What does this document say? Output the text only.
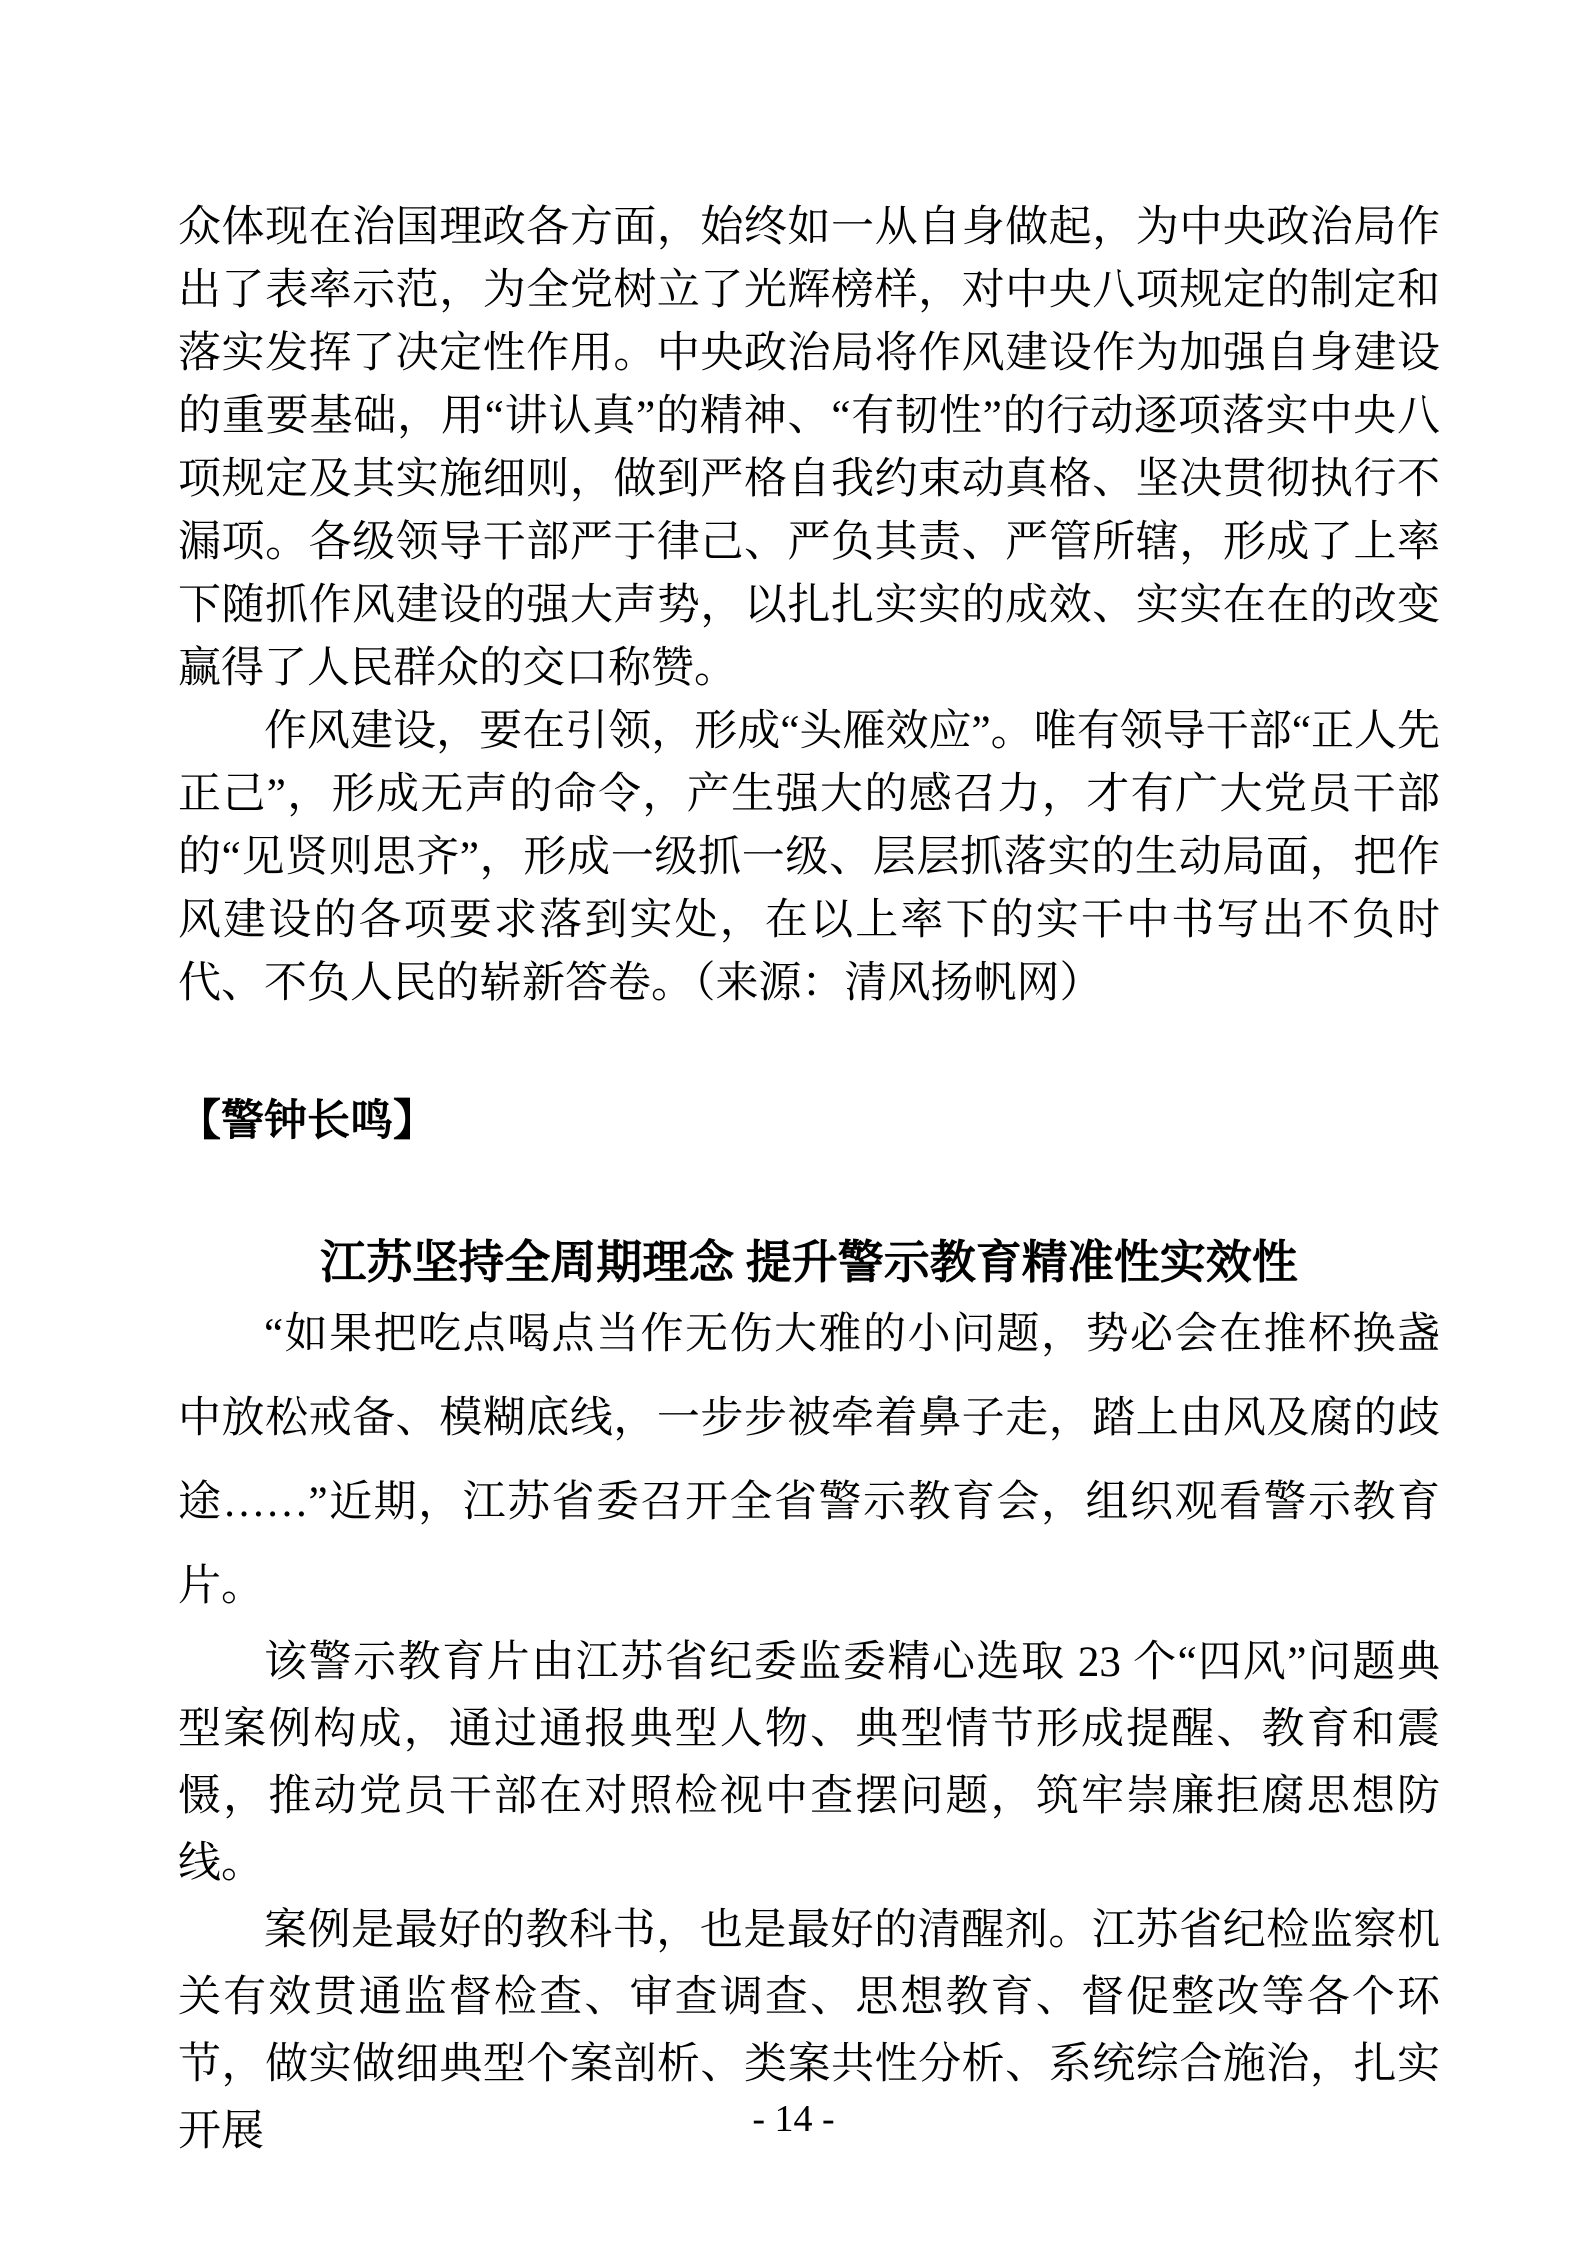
众体现在治国理政各方面，始终如一从自身做起，为中央政治局作出了表率示范，为全党树立了光辉榜样，对中央八项规定的制定和落实发挥了决定性作用。中央政治局将作风建设作为加强自身建设的重要基础，用“讲认真”的精神、“有韧性”的行动逐项落实中央八项规定及其实施细则，做到严格自我约束动真格、坚决贯彻执行不漏项。各级领导干部严于律己、严负其责、严管所辖，形成了上率下随抓作风建设的强大声势，以扎扎实实的成效、实实在在的改变赢得了人民群众的交口称赞。

作风建设，要在引领，形成“头雁效应”。唯有领导干部“正人先正己”，形成无声的命令，产生强大的感召力，才有广大党员干部的“见贤则思齐”，形成一级抓一级、层层抓落实的生动局面，把作风建设的各项要求落到实处，在以上率下的实干中书写出不负时代、不负人民的崭新答卷。（来源：清风扬帆网）

【警钟长鸣】
江苏坚持全周期理念 提升警示教育精准性实效性

“如果把吃点喝点当作无伤大雅的小问题，势必会在推杯换盏中放松戒备、模糊底线，一步步被牵着鼻子走，踏上由风及腐的歧途……”近期，江苏省委召开全省警示教育会，组织观看警示教育片。

该警示教育片由江苏省纪委监委精心选取 23 个“四风”问题典型案例构成，通过通报典型人物、典型情节形成提醒、教育和震慑，推动党员干部在对照检视中查摆问题，筑牢崇廉拒腐思想防线。

案例是最好的教科书，也是最好的清醒剂。江苏省纪检监察机关有效贯通监督检查、审查调查、思想教育、督促整改等各个环节，做实做细典型个案剖析、类案共性分析、系统综合施治，扎实开展	- 14 -
